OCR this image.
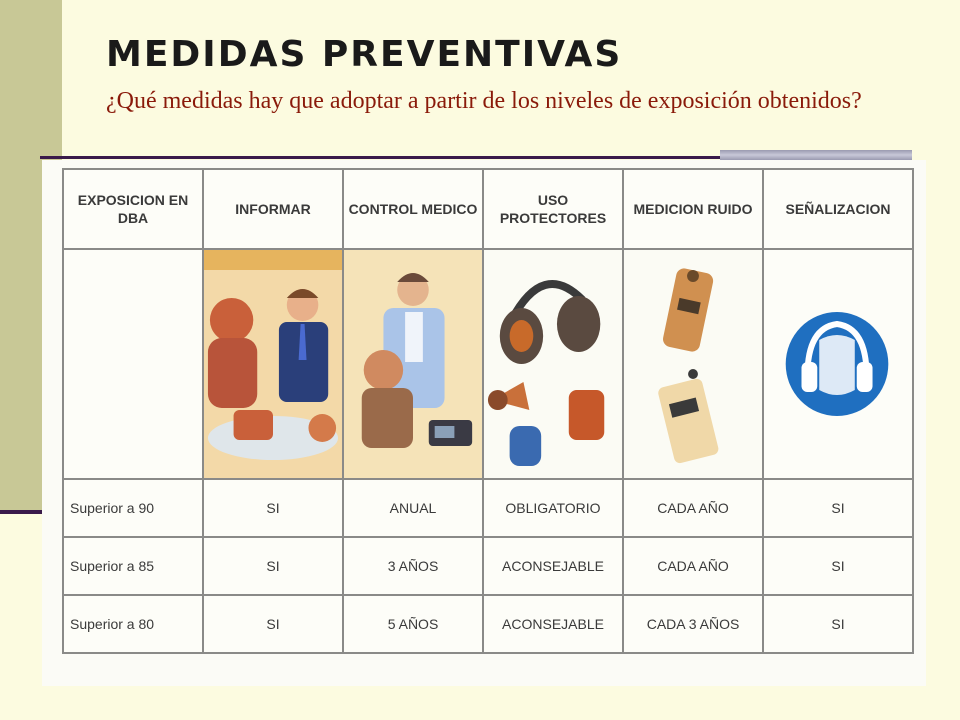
MEDIDAS PREVENTIVAS

¿Qué medidas hay que adoptar a partir de los niveles de exposición obtenidos?

EXPOSICION EN DBA	INFORMAR	CONTROL MEDICO	USO PROTECTORES	MEDICION RUIDO	SEÑALIZACION

Superior a 90	SI	ANUAL	OBLIGATORIO	CADA AÑO	SI
Superior a 85	SI	3 AÑOS	ACONSEJABLE	CADA AÑO	SI
Superior a 80	SI	5 AÑOS	ACONSEJABLE	CADA 3 AÑOS	SI
